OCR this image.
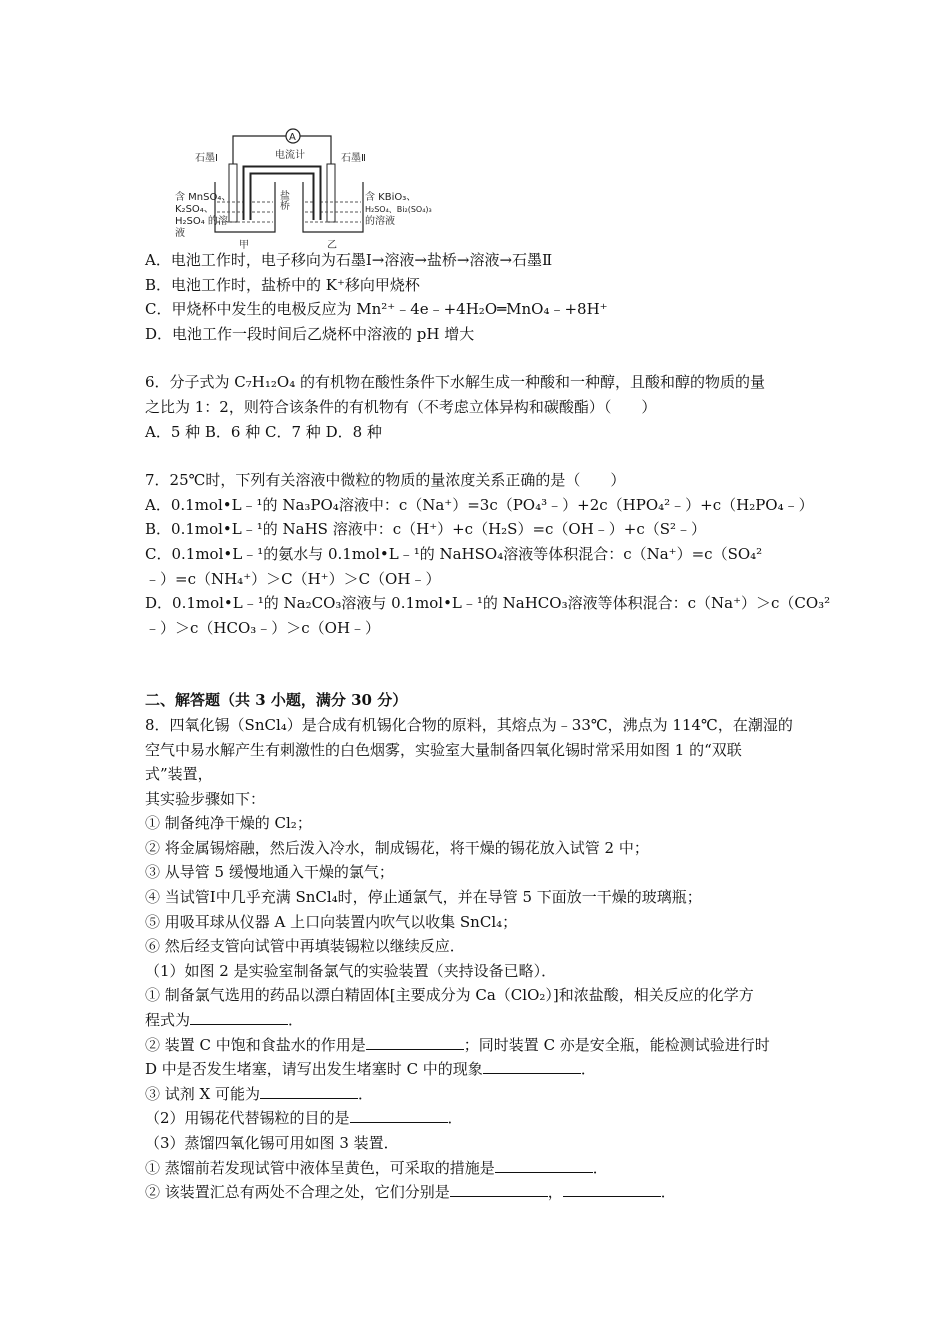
A
电流计
石墨Ⅰ	石墨Ⅱ
盐桥
含 MnSO₄、
K₂SO₄、
H₂SO₄ 的溶
液
含 KBiO₃、
H₂SO₄、Bi₂(SO₄)₃
的溶液
甲	乙
A．电池工作时，电子移向为石墨Ⅰ→溶液→盐桥→溶液→石墨Ⅱ
B．电池工作时，盐桥中的 K⁺移向甲烧杯
C．甲烧杯中发生的电极反应为 Mn²⁺﹣4e﹣+4H₂O═MnO₄﹣+8H⁺
D．电池工作一段时间后乙烧杯中溶液的 pH 增大
6．分子式为 C₇H₁₂O₄ 的有机物在酸性条件下水解生成一种酸和一种醇，且酸和醇的物质的量
之比为 1：2，则符合该条件的有机物有（不考虑立体异构和碳酸酯）（　　）
A．5 种 B．6 种 C．7 种 D．8 种
7．25℃时，下列有关溶液中微粒的物质的量浓度关系正确的是（　　）
A．0.1mol•L﹣¹的 Na₃PO₄溶液中：c（Na⁺）=3c（PO₄³﹣）+2c（HPO₄²﹣）+c（H₂PO₄﹣）
B．0.1mol•L﹣¹的 NaHS 溶液中：c（H⁺）+c（H₂S）=c（OH﹣）+c（S²﹣）
C．0.1mol•L﹣¹的氨水与 0.1mol•L﹣¹的 NaHSO₄溶液等体积混合：c（Na⁺）=c（SO₄²
﹣）=c（NH₄⁺）＞C（H⁺）＞C（OH﹣）
D．0.1mol•L﹣¹的 Na₂CO₃溶液与 0.1mol•L﹣¹的 NaHCO₃溶液等体积混合：c（Na⁺）＞c（CO₃²
﹣）＞c（HCO₃﹣）＞c（OH﹣）
二、解答题（共 3 小题，满分 30 分）
8．四氧化锡（SnCl₄）是合成有机锡化合物的原料，其熔点为﹣33℃，沸点为 114℃，在潮湿的
空气中易水解产生有刺激性的白色烟雾，实验室大量制备四氧化锡时常采用如图 1 的“双联
式”装置，
其实验步骤如下：
① 制备纯净干燥的 Cl₂；
② 将金属锡熔融，然后泼入冷水，制成锡花，将干燥的锡花放入试管 2 中；
③ 从导管 5 缓慢地通入干燥的氯气；
④ 当试管Ⅰ中几乎充满 SnCl₄时，停止通氯气，并在导管 5 下面放一干燥的玻璃瓶；
⑤ 用吸耳球从仪器 A 上口向装置内吹气以收集 SnCl₄；
⑥ 然后经支管向试管中再填装锡粒以继续反应．
（1）如图 2 是实验室制备氯气的实验装置（夹持设备已略）．
① 制备氯气选用的药品以漂白精固体[主要成分为 Ca（ClO₂）]和浓盐酸，相关反应的化学方
程式为	．
② 装置 C 中饱和食盐水的作用是	；同时装置 C 亦是安全瓶，能检测试验进行时
D 中是否发生堵塞，请写出发生堵塞时 C 中的现象	．
③ 试剂 X 可能为	．
（2）用锡花代替锡粒的目的是	．
（3）蒸馏四氧化锡可用如图 3 装置．
① 蒸馏前若发现试管中液体呈黄色，可采取的措施是	．
② 该装置汇总有两处不合理之处，它们分别是	，	．
